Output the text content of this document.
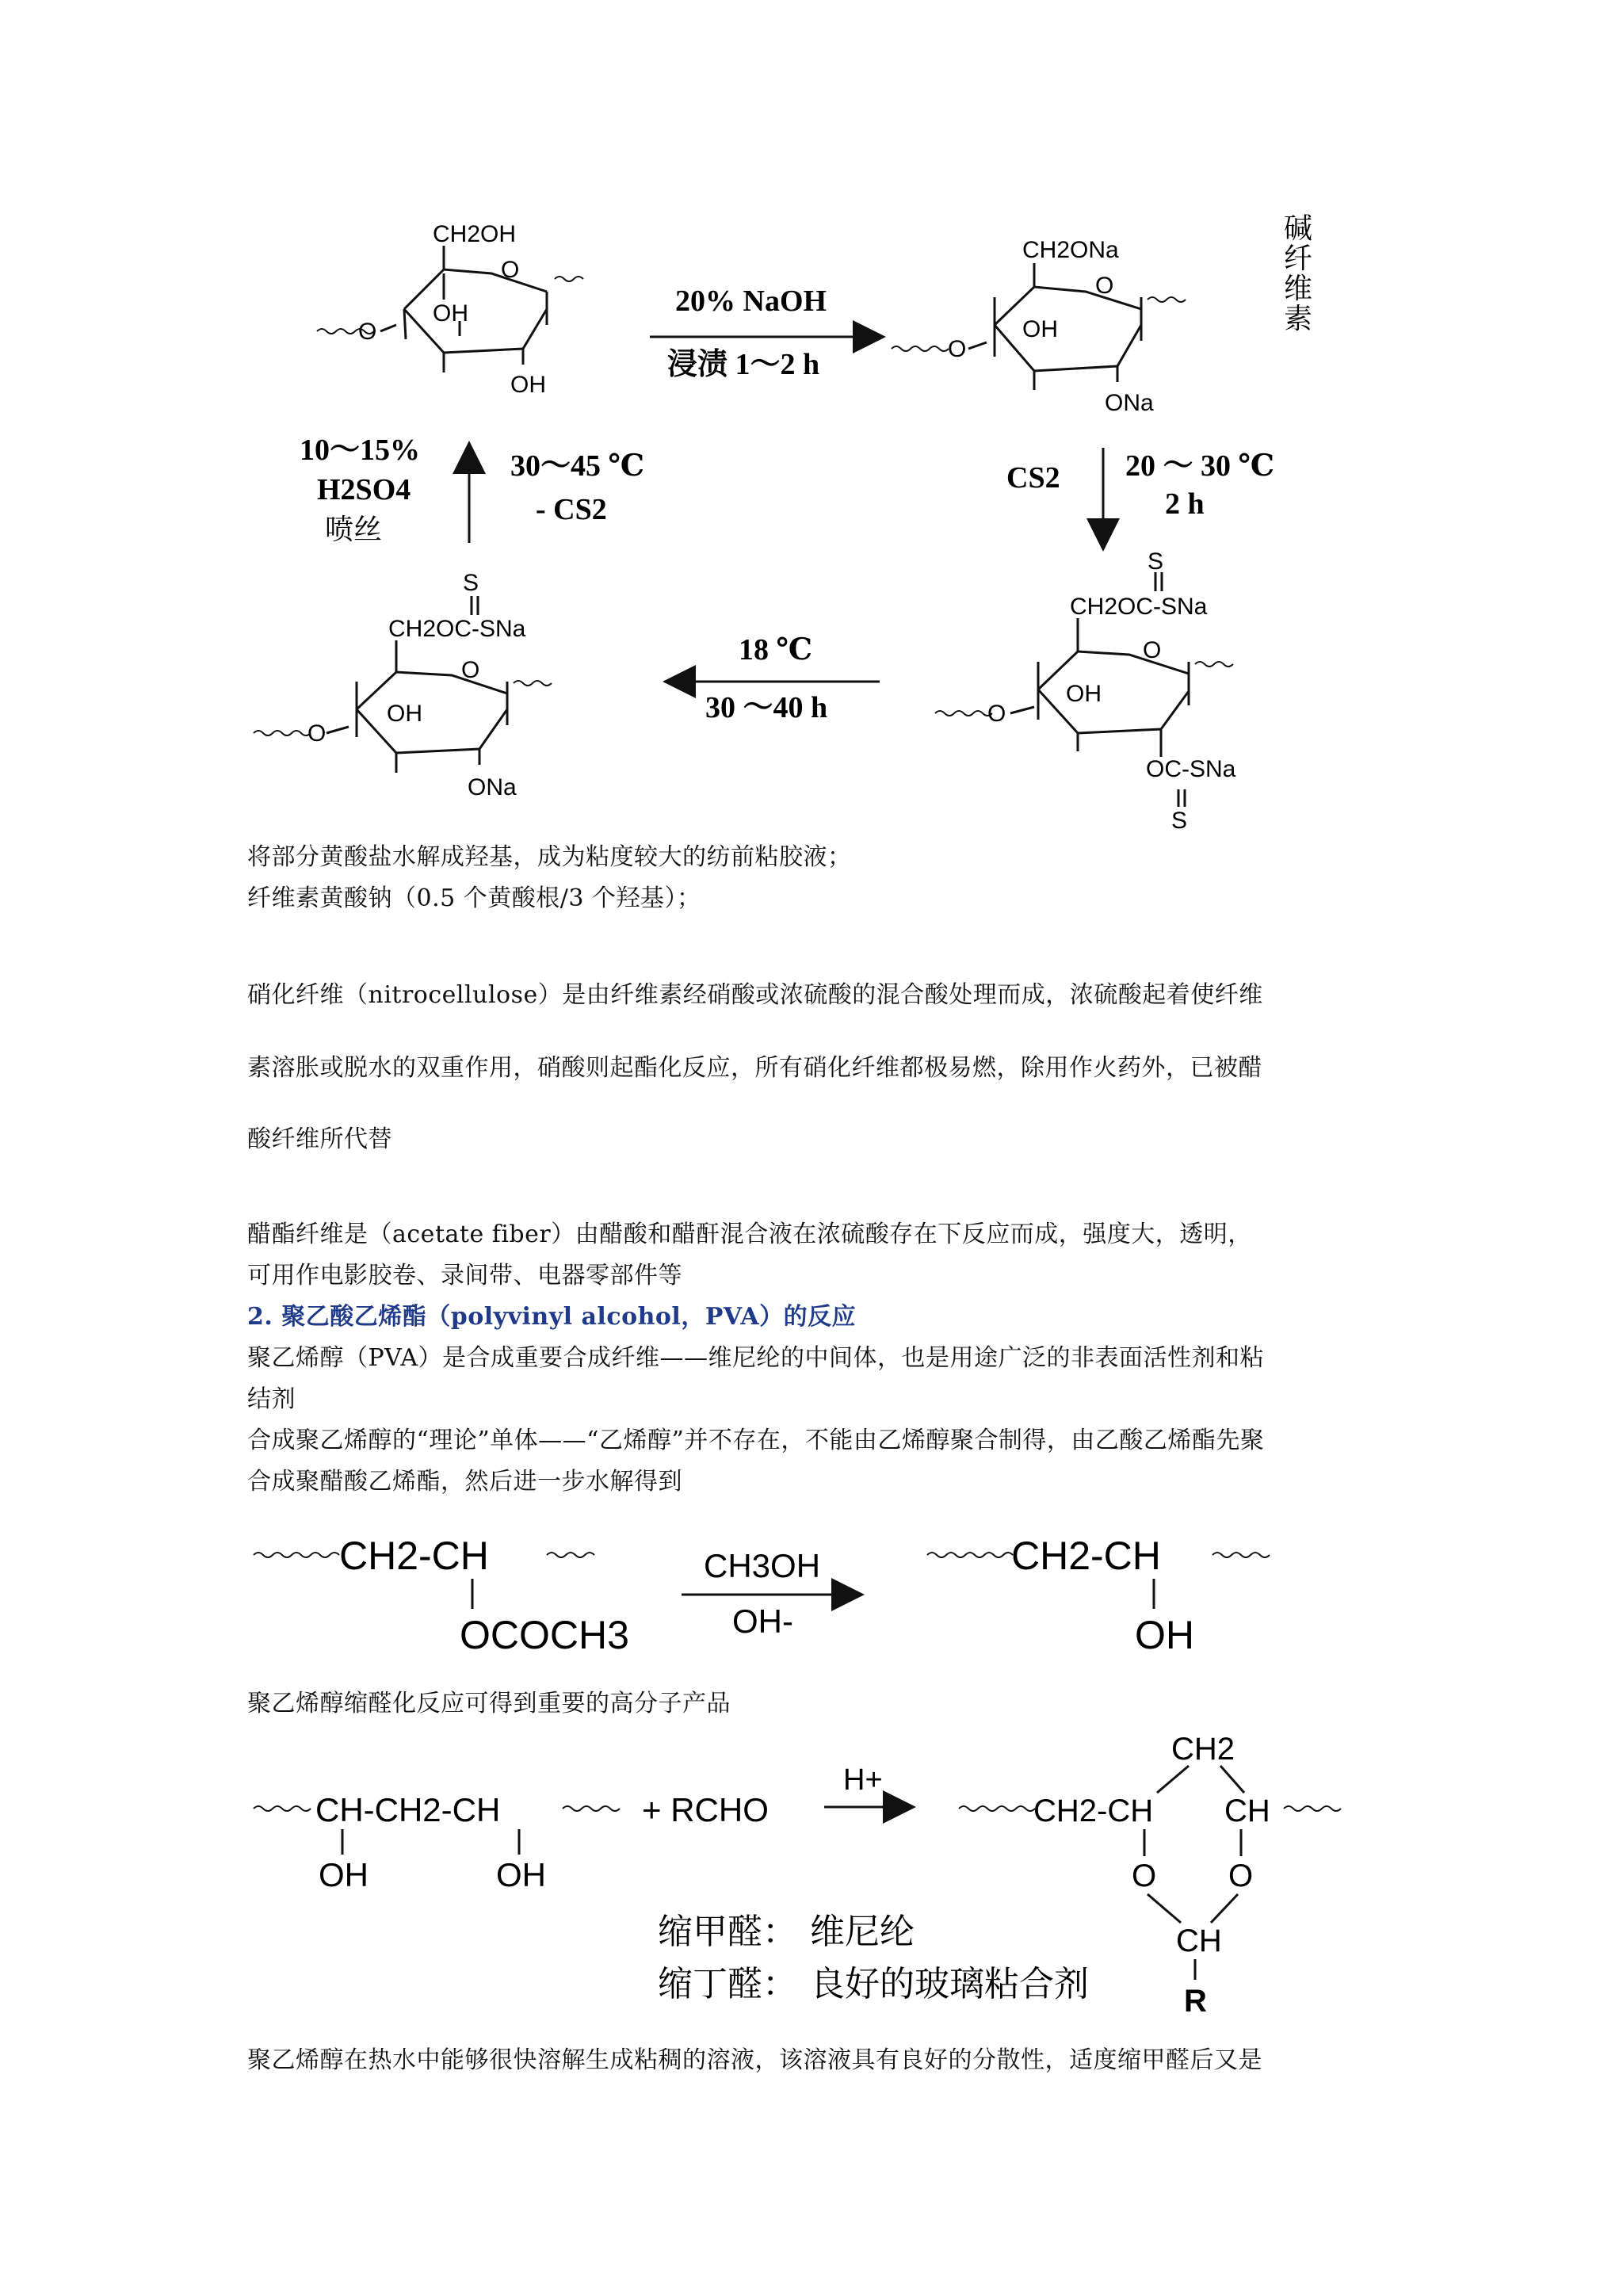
CH2OH
O
OH
OH
O
20% NaOH
浸渍 1～2 h
CH2ONa
O
OH
ONa
O
碱 纤 维 素
CS2 20 ～ 30 ℃
2 h
S
CH2OC-SNa
O
OH
OC-SNa
S
O
18 ℃
30 ～40 h
S
CH2OC-SNa
O
OH
ONa
O
10～15%
H2SO4
喷丝
30～45 ℃
- CS2
将部分黄酸盐水解成羟基，成为粘度较大的纺前粘胶液；
纤维素黄酸钠（0.5 个黄酸根/3 个羟基）；
硝化纤维（nitrocellulose）是由纤维素经硝酸或浓硫酸的混合酸处理而成，浓硫酸起着使纤维
素溶胀或脱水的双重作用，硝酸则起酯化反应，所有硝化纤维都极易燃，除用作火药外，已被醋
酸纤维所代替
醋酯纤维是（acetate fiber）由醋酸和醋酐混合液在浓硫酸存在下反应而成，强度大，透明，
可用作电影胶卷、录间带、电器零部件等
2. 聚乙酸乙烯酯（polyvinyl alcohol，PVA）的反应
聚乙烯醇（PVA）是合成重要合成纤维——维尼纶的中间体，也是用途广泛的非表面活性剂和粘
结剂
合成聚乙烯醇的“理论”单体——“乙烯醇”并不存在，不能由乙烯醇聚合制得，由乙酸乙烯酯先聚
合成聚醋酸乙烯酯，然后进一步水解得到
CH2-CH
OCOCH3
CH3OH
OH-
CH2-CH
OH
聚乙烯醇缩醛化反应可得到重要的高分子产品
CH-CH2-CH
OH	OH
+ RCHO
H+
CH2
CH2-CH CH
O O
CH
R
缩甲醛： 维尼纶
缩丁醛： 良好的玻璃粘合剂
聚乙烯醇在热水中能够很快溶解生成粘稠的溶液，该溶液具有良好的分散性，适度缩甲醛后又是
